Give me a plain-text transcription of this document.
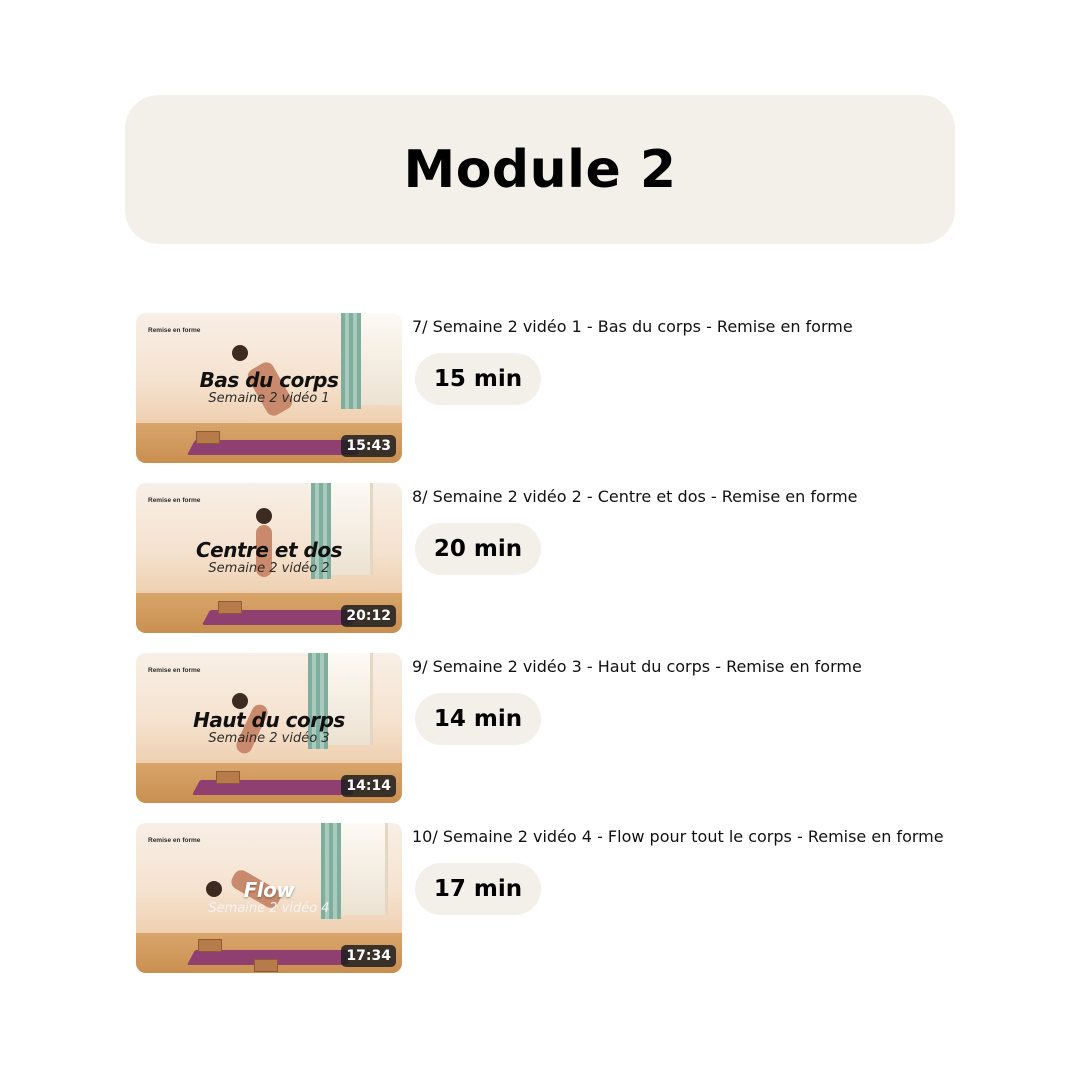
Module 2
Remise en forme
Bas du corps
Semaine 2 vidéo 1
15:43
7/ Semaine 2 vidéo 1 - Bas du corps - Remise en forme
15 min
Remise en forme
Centre et dos
Semaine 2 vidéo 2
20:12
8/ Semaine 2 vidéo 2 - Centre et dos - Remise en forme
20 min
Remise en forme
Haut du corps
Semaine 2 vidéo 3
14:14
9/ Semaine 2 vidéo 3 - Haut du corps - Remise en forme
14 min
Remise en forme
Flow
Semaine 2 vidéo 4
17:34
10/ Semaine 2 vidéo 4 - Flow pour tout le corps - Remise en forme
17 min
